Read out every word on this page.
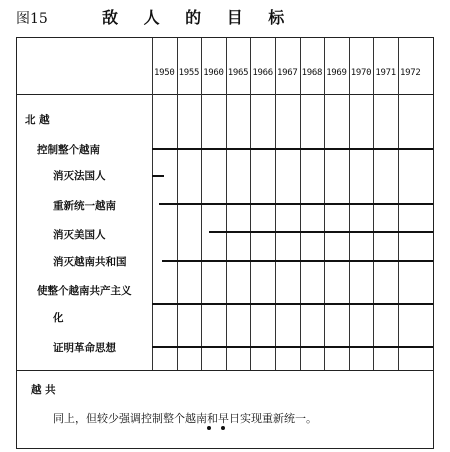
图15	敌 人 的 目 标
1950 1955 1960 1965 1966 1967 1968 1969 1970 1971 1972
北 越
控制整个越南
消灭法国人
重新统一越南
消灭美国人
消灭越南共和国
使整个越南共产主义
化
证明革命思想
越 共
同上，但较少强调控制整个越南和早日实现重新统一。
